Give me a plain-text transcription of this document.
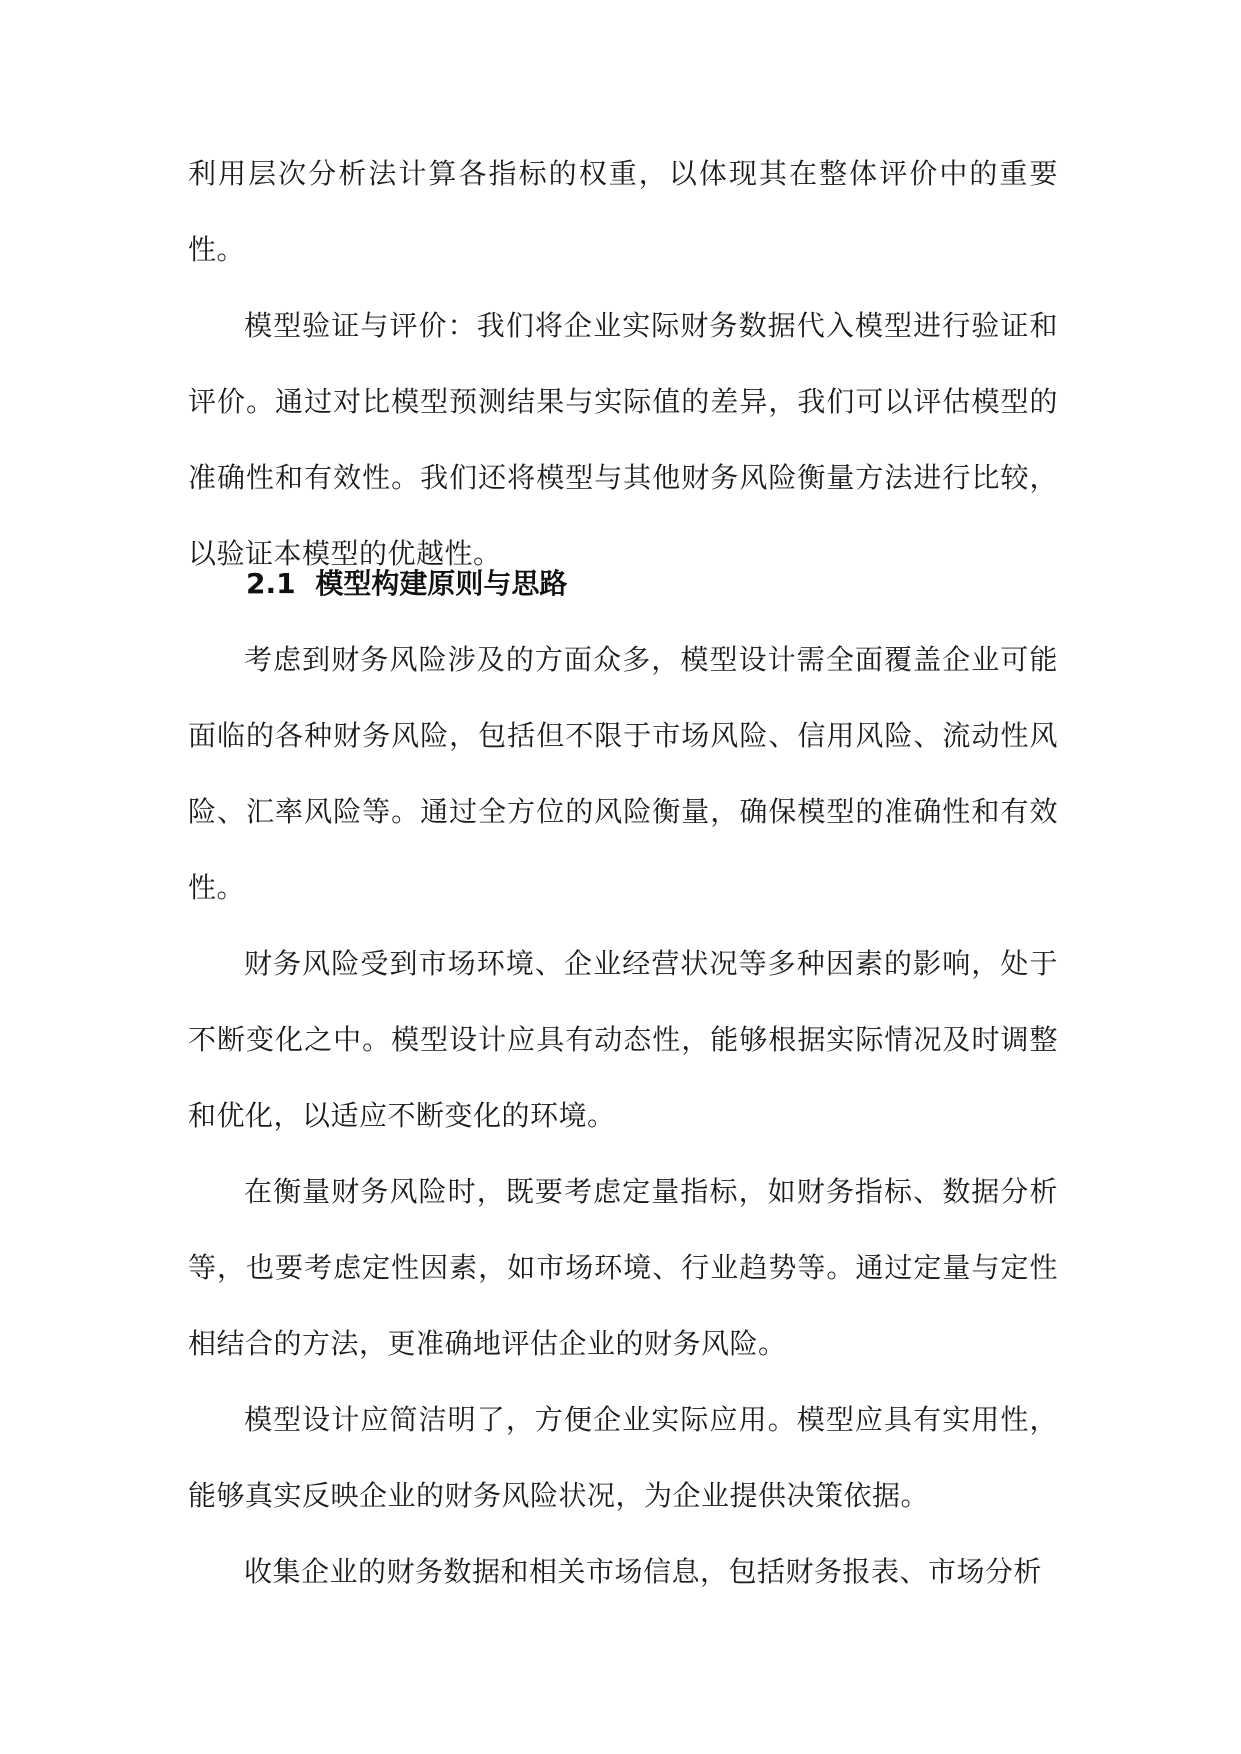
利用层次分析法计算各指标的权重，以体现其在整体评价中的重要性。

模型验证与评价：我们将企业实际财务数据代入模型进行验证和评价。通过对比模型预测结果与实际值的差异，我们可以评估模型的准确性和有效性。我们还将模型与其他财务风险衡量方法进行比较，以验证本模型的优越性。

2.1 模型构建原则与思路

考虑到财务风险涉及的方面众多，模型设计需全面覆盖企业可能面临的各种财务风险，包括但不限于市场风险、信用风险、流动性风险、汇率风险等。通过全方位的风险衡量，确保模型的准确性和有效性。

财务风险受到市场环境、企业经营状况等多种因素的影响，处于不断变化之中。模型设计应具有动态性，能够根据实际情况及时调整和优化，以适应不断变化的环境。

在衡量财务风险时，既要考虑定量指标，如财务指标、数据分析等，也要考虑定性因素，如市场环境、行业趋势等。通过定量与定性相结合的方法，更准确地评估企业的财务风险。

模型设计应简洁明了，方便企业实际应用。模型应具有实用性，能够真实反映企业的财务风险状况，为企业提供决策依据。

收集企业的财务数据和相关市场信息，包括财务报表、市场分析
